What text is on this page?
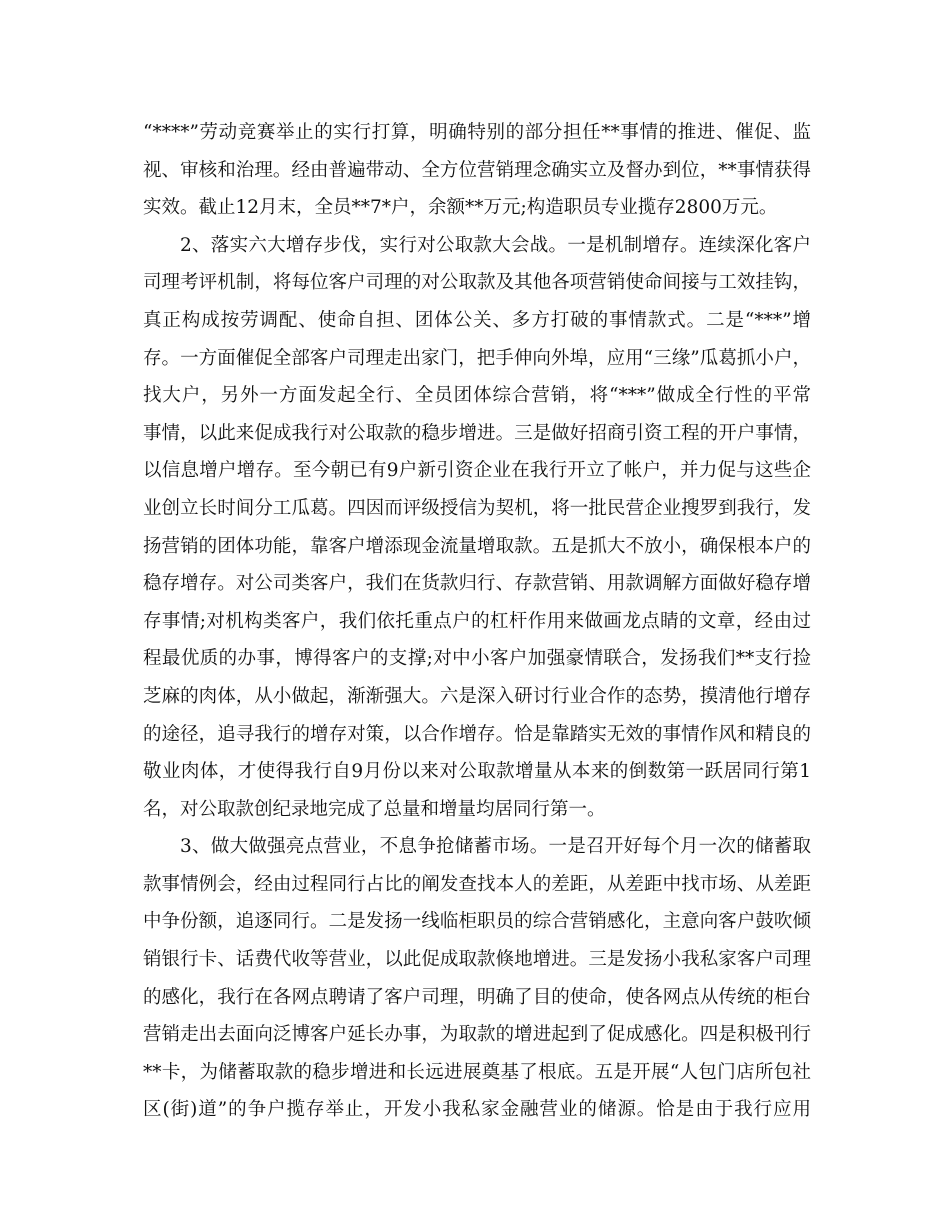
“****”劳动竞赛举止的实行打算，明确特别的部分担任**事情的推进、催促、监
视、审核和治理。经由普遍带动、全方位营销理念确实立及督办到位，**事情获得
实效。截止12月末，全员**7*户，余额**万元;构造职员专业揽存2800万元。
2、落实六大增存步伐，实行对公取款大会战。一是机制增存。连续深化客户
司理考评机制，将每位客户司理的对公取款及其他各项营销使命间接与工效挂钩，
真正构成按劳调配、使命自担、团体公关、多方打破的事情款式。二是“***”增
存。一方面催促全部客户司理走出家门，把手伸向外埠，应用“三缘”瓜葛抓小户，
找大户，另外一方面发起全行、全员团体综合营销，将“***”做成全行性的平常
事情，以此来促成我行对公取款的稳步增进。三是做好招商引资工程的开户事情，
以信息增户增存。至今朝已有9户新引资企业在我行开立了帐户，并力促与这些企
业创立长时间分工瓜葛。四因而评级授信为契机，将一批民营企业搜罗到我行，发
扬营销的团体功能，靠客户增添现金流量增取款。五是抓大不放小，确保根本户的
稳存增存。对公司类客户，我们在货款归行、存款营销、用款调解方面做好稳存增
存事情;对机构类客户，我们依托重点户的杠杆作用来做画龙点睛的文章，经由过
程最优质的办事，博得客户的支撑;对中小客户加强豪情联合，发扬我们**支行捡
芝麻的肉体，从小做起，渐渐强大。六是深入研讨行业合作的态势，摸清他行增存
的途径，追寻我行的增存对策，以合作增存。恰是靠踏实无效的事情作风和精良的
敬业肉体，才使得我行自9月份以来对公取款增量从本来的倒数第一跃居同行第1
名，对公取款创纪录地完成了总量和增量均居同行第一。
3、做大做强亮点营业，不息争抢储蓄市场。一是召开好每个月一次的储蓄取
款事情例会，经由过程同行占比的阐发查找本人的差距，从差距中找市场、从差距
中争份额，追逐同行。二是发扬一线临柜职员的综合营销感化，主意向客户鼓吹倾
销银行卡、话费代收等营业，以此促成取款倏地增进。三是发扬小我私家客户司理
的感化，我行在各网点聘请了客户司理，明确了目的使命，使各网点从传统的柜台
营销走出去面向泛博客户延长办事，为取款的增进起到了促成感化。四是积极刊行
**卡，为储蓄取款的稳步增进和长远进展奠基了根底。五是开展“人包门店所包社
区(街)道”的争户揽存举止，开发小我私家金融营业的储源。恰是由于我行应用
